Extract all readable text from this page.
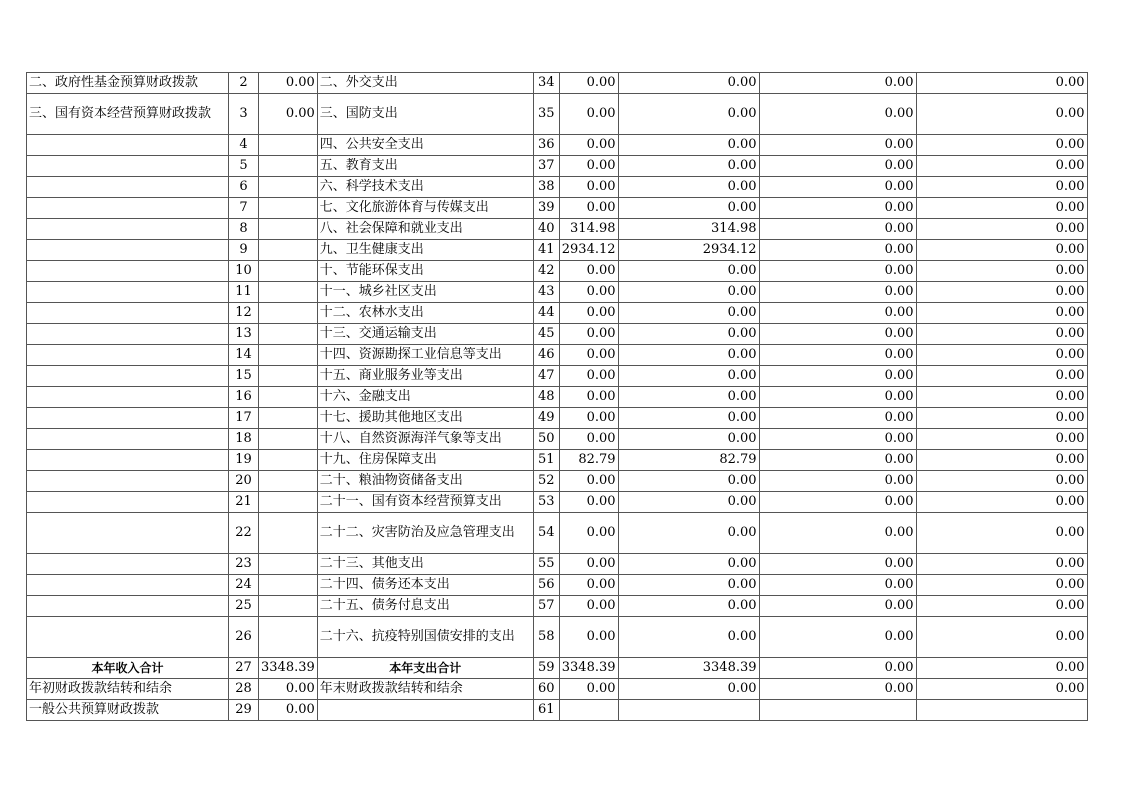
二、政府性基金预算财政拨款	2	0.00	二、外交支出	34	0.00	0.00	0.00	0.00
三、国有资本经营预算财政拨款	3	0.00	三、国防支出	35	0.00	0.00	0.00	0.00
	4		四、公共安全支出	36	0.00	0.00	0.00	0.00
	5		五、教育支出	37	0.00	0.00	0.00	0.00
	6		六、科学技术支出	38	0.00	0.00	0.00	0.00
	7		七、文化旅游体育与传媒支出	39	0.00	0.00	0.00	0.00
	8		八、社会保障和就业支出	40	314.98	314.98	0.00	0.00
	9		九、卫生健康支出	41	2934.12	2934.12	0.00	0.00
	10		十、节能环保支出	42	0.00	0.00	0.00	0.00
	11		十一、城乡社区支出	43	0.00	0.00	0.00	0.00
	12		十二、农林水支出	44	0.00	0.00	0.00	0.00
	13		十三、交通运输支出	45	0.00	0.00	0.00	0.00
	14		十四、资源勘探工业信息等支出	46	0.00	0.00	0.00	0.00
	15		十五、商业服务业等支出	47	0.00	0.00	0.00	0.00
	16		十六、金融支出	48	0.00	0.00	0.00	0.00
	17		十七、援助其他地区支出	49	0.00	0.00	0.00	0.00
	18		十八、自然资源海洋气象等支出	50	0.00	0.00	0.00	0.00
	19		十九、住房保障支出	51	82.79	82.79	0.00	0.00
	20		二十、粮油物资储备支出	52	0.00	0.00	0.00	0.00
	21		二十一、国有资本经营预算支出	53	0.00	0.00	0.00	0.00
	22		二十二、灾害防治及应急管理支出	54	0.00	0.00	0.00	0.00
	23		二十三、其他支出	55	0.00	0.00	0.00	0.00
	24		二十四、债务还本支出	56	0.00	0.00	0.00	0.00
	25		二十五、债务付息支出	57	0.00	0.00	0.00	0.00
	26		二十六、抗疫特别国债安排的支出	58	0.00	0.00	0.00	0.00
本年收入合计	27	3348.39	本年支出合计	59	3348.39	3348.39	0.00	0.00
年初财政拨款结转和结余	28	0.00	年末财政拨款结转和结余	60	0.00	0.00	0.00	0.00
一般公共预算财政拨款	29	0.00		61				
